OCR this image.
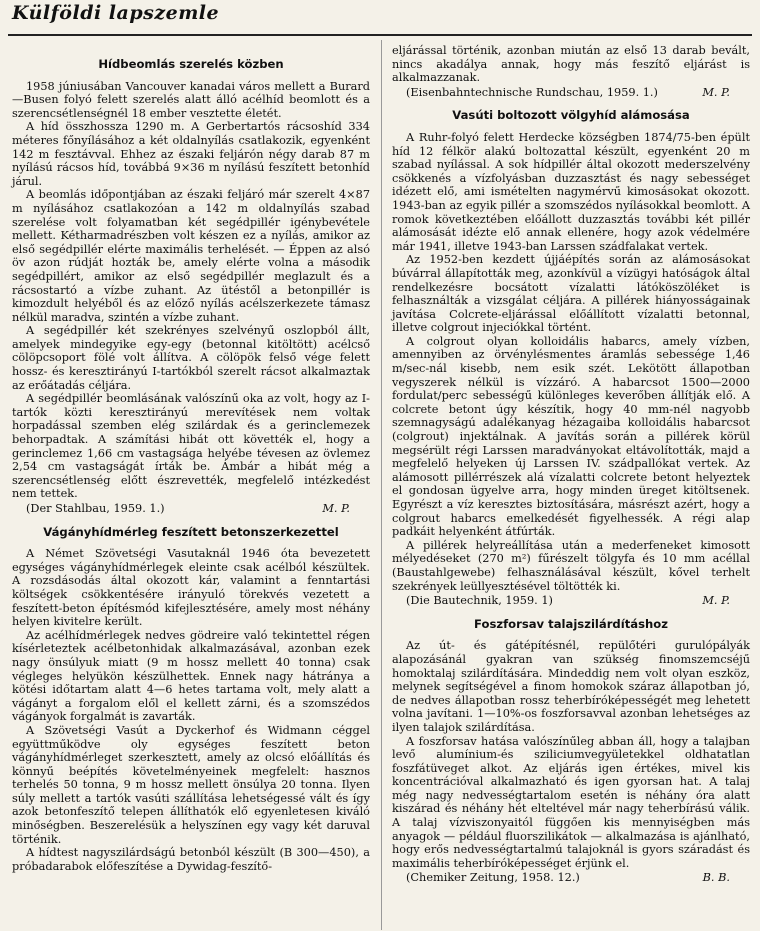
Külföldi lapszemle
Hídbeomlás szerelés közben

1958 júniusában Vancouver kanadai város mellett a Burard—Busen folyó felett szerelés alatt álló acélhíd beomlott és a szerencsétlenségnél 18 ember vesztette életét.

A híd összhossza 1290 m. A Gerbertartós rácsoshíd 334 méteres főnyílásához a két oldalnyílás csatlakozik, egyenként 142 m fesztávval. Ehhez az északi feljárón négy darab 87 m nyílású rácsos híd, továbbá 9×36 m nyílású feszített betonhíd járul.

A beomlás időpontjában az északi feljáró már szerelt 4×87 m nyílásához csatlakozóan a 142 m oldalnyílás szabad szerelése volt folyamatban két segédpillér igénybevétele mellett. Kétharmadrészben volt készen ez a nyílás, amikor az első segédpillér elérte maximális terhelését. — Éppen az alsó öv azon rúdját hozták be, amely elérte volna a második segédpillért, amikor az első segédpillér meglazult és a rácsostartó a vízbe zuhant. Az ütéstől a betonpillér is kimozdult helyéből és az előző nyílás acélszerkezete támasz nélkül maradva, szintén a vízbe zuhant.

A segédpillér két szekrényes szelvényű oszlopból állt, amelyek mindegyike egy-egy (betonnal kitöltött) acélcső cölöpcsoport fölé volt állítva. A cölöpök felső vége felett hossz- és keresztirányú I-tartókból szerelt rácsot alkalmaztak az erőátadás céljára.

A segédpillér beomlásának valószínű oka az volt, hogy az I-tartók közti keresztirányú merevítések nem voltak horpadással szemben elég szilárdak és a gerinclemezek behorpadtak. A számítási hibát ott követték el, hogy a gerinclemez 1,66 cm vastagsága helyébe tévesen az övlemez 2,54 cm vastagságát írták be. Ámbár a hibát még a szerencsétlenség előtt észrevették, megfelelő intézkedést nem tettek.

(Der Stahlbau, 1959. 1.)	M. P.
Vágányhídmérleg feszített betonszerkezettel

A Német Szövetségi Vasutaknál 1946 óta bevezetett egységes vágányhídmérlegek eleinte csak acélból készültek. A rozsdásodás által okozott kár, valamint a fenntartási költségek csökkentésére irányuló törekvés vezetett a feszített-beton építésmód kifejlesztésére, amely most néhány helyen kivitelre került.

Az acélhídmérlegek nedves gödreire való tekintettel régen kísérleteztek acélbetonhidak alkalmazásával, azonban ezek nagy önsúlyuk miatt (9 m hossz mellett 40 tonna) csak végleges helyükön készülhettek. Ennek nagy hátránya a kötési időtartam alatt 4—6 hetes tartama volt, mely alatt a vágányt a forgalom elől el kellett zárni, és a szomszédos vágányok forgalmát is zavarták.

A Szövetségi Vasút a Dyckerhof és Widmann céggel együttműködve oly egységes feszített beton vágányhídmérleget szerkesztett, amely az olcsó előállítás és könnyű beépítés követelményeinek megfelelt: hasznos terhelés 50 tonna, 9 m hossz mellett önsúlya 20 tonna. Ilyen súly mellett a tartók vasúti szállítása lehetségessé vált és így azok betonfeszítő telepen állíthatók elő egyenletesen kiváló minőségben. Beszerelésük a helyszínen egy vagy két daruval történik.

A hídtest nagyszilárdságú betonból készült (B 300—450), a próbadarabok előfeszítése a Dywidag-feszítő-

eljárással történik, azonban miután az első 13 darab bevált, nincs akadálya annak, hogy más feszítő eljárást is alkalmazzanak.

(Eisenbahntechnische Rundschau, 1959. 1.)	M. P.
Vasúti boltozott völgyhíd alámosása

A Ruhr-folyó felett Herdecke községben 1874/75-ben épült híd 12 félkör alakú boltozattal készült, egyenként 20 m szabad nyílással. A sok hídpillér által okozott mederszelvény csökkenés a vízfolyásban duzzasztást és nagy sebességet idézett elő, ami ismételten nagymérvű kimosásokat okozott. 1943-ban az egyik pillér a szomszédos nyílásokkal beomlott. A romok következtében előállott duzzasztás további két pillér alámosását idézte elő annak ellenére, hogy azok védelmére már 1941, illetve 1943-ban Larssen szádfalakat vertek.

Az 1952-ben kezdett újjáépítés során az alámosásokat búvárral állapították meg, azonkívül a vízügyi hatóságok által rendelkezésre bocsátott vízalatti látóköszöléket is felhasználták a vizsgálat céljára. A pillérek hiányosságainak javítása Colcrete-eljárással előállított vízalatti betonnal, illetve colgrout injeciókkal történt.

A colgrout olyan kolloidális habarcs, amely vízben, amennyiben az örvénylésmentes áramlás sebessége 1,46 m/sec-nál kisebb, nem esik szét. Lekötött állapotban vegyszerek nélkül is vízzáró. A habarcsot 1500—2000 fordulat/perc sebességű különleges keverőben állítják elő. A colcrete betont úgy készítik, hogy 40 mm-nél nagyobb szemnagyságú adalékanyag hézagaiba kolloidális habarcsot (colgrout) injektálnak. A javítás során a pillérek körül megsérült régi Larssen maradványokat eltávolították, majd a megfelelő helyeken új Larssen IV. szádpallókat vertek. Az alámosott pillérrészek alá vízalatti colcrete betont helyeztek el gondosan ügyelve arra, hogy minden üreget kitöltsenek. Egyrészt a víz keresztes biztosítására, másrészt azért, hogy a colgrout habarcs emelkedését figyelhessék. A régi alap padkáit helyenként átfúrták.

A pillérek helyreállítása után a mederfeneket kimosott mélyedéseket (270 m²) fűrészelt tölgyfa és 10 mm acéllal (Baustahlgewebe) felhasználásával készült, kővel terhelt szekrények leüllyesztésével töltötték ki.

(Die Bautechnik, 1959. 1)	M. P.
Foszforsav talajszilárdításhoz

Az út- és gátépítésnél, repülőtéri gurulópályák alapozásánál gyakran van szükség finomszemcséjű homoktalaj szilárdítására. Mindeddig nem volt olyan eszköz, melynek segítségével a finom homokok száraz állapotban jó, de nedves állapotban rossz teherbíróképességét meg lehetett volna javítani. 1—10%-os foszforsavval azonban lehetséges az ilyen talajok szilárdítása.

A foszforsav hatása valószínűleg abban áll, hogy a talajban levő alumínium-és sziliciumvegyületekkel oldhatatlan foszfátüveget alkot. Az eljárás igen értékes, mivel kis koncentrációval alkalmazható és igen gyorsan hat. A talaj még nagy nedvességtartalom esetén is néhány óra alatt kiszárad és néhány hét elteltével már nagy teherbírású válik. A talaj vízviszonyaitól függően kis mennyiségben más anyagok — például fluorszilikátok — alkalmazása is ajánlható, hogy erős nedvességtartalmú talajoknál is gyors száradást és maximális teherbíróképességet érjünk el.

(Chemiker Zeitung, 1958. 12.)	B. B.
